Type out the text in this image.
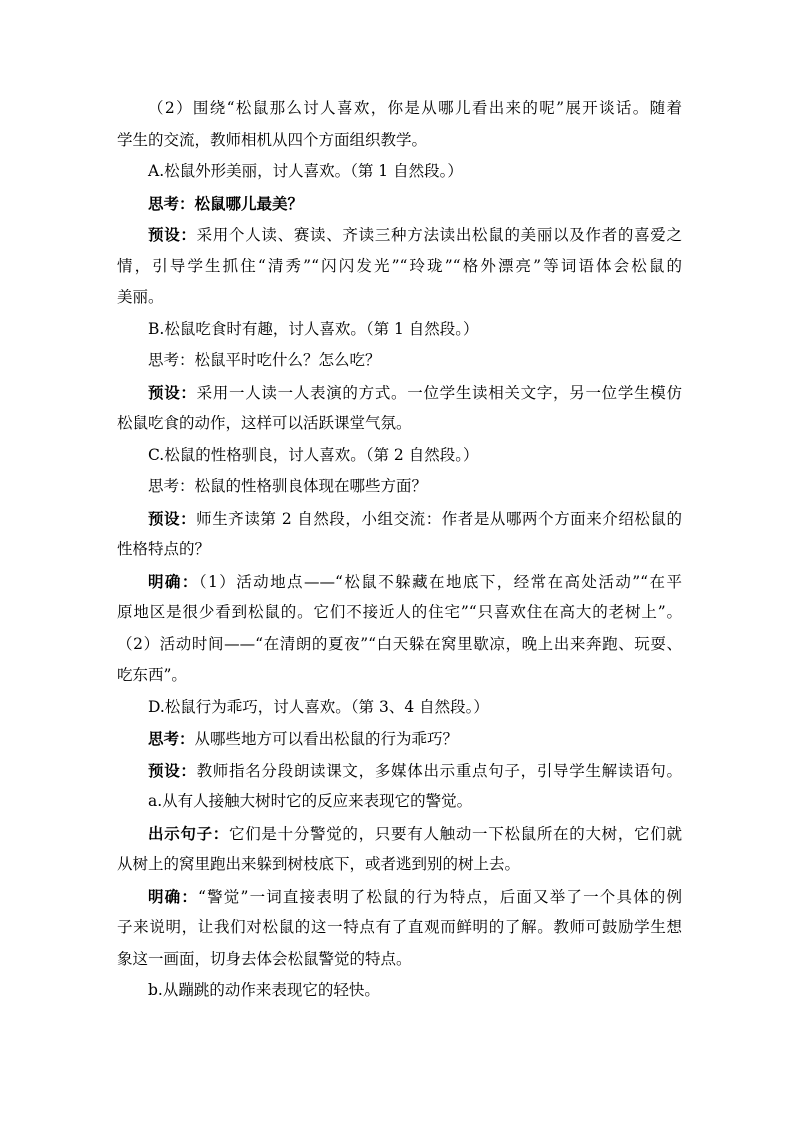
（2）围绕“松鼠那么讨人喜欢，你是从哪儿看出来的呢”展开谈话。随着
学生的交流，教师相机从四个方面组织教学。
A.松鼠外形美丽，讨人喜欢。（第 1 自然段。）
思考：松鼠哪儿最美？
预设：采用个人读、赛读、齐读三种方法读出松鼠的美丽以及作者的喜爱之
情，引导学生抓住“清秀”“闪闪发光”“玲珑”“格外漂亮”等词语体会松鼠的
美丽。
B.松鼠吃食时有趣，讨人喜欢。（第 1 自然段。）
思考：松鼠平时吃什么？怎么吃？
预设：采用一人读一人表演的方式。一位学生读相关文字，另一位学生模仿
松鼠吃食的动作，这样可以活跃课堂气氛。
C.松鼠的性格驯良，讨人喜欢。（第 2 自然段。）
思考：松鼠的性格驯良体现在哪些方面？
预设：师生齐读第 2 自然段，小组交流：作者是从哪两个方面来介绍松鼠的
性格特点的？
明确：（1）活动地点——“松鼠不躲藏在地底下，经常在高处活动”“在平
原地区是很少看到松鼠的。它们不接近人的住宅”“只喜欢住在高大的老树上”。
（2）活动时间——“在清朗的夏夜”“白天躲在窝里歇凉，晚上出来奔跑、玩耍、
吃东西”。
D.松鼠行为乖巧，讨人喜欢。（第 3、4 自然段。）
思考：从哪些地方可以看出松鼠的行为乖巧？
预设：教师指名分段朗读课文，多媒体出示重点句子，引导学生解读语句。
a.从有人接触大树时它的反应来表现它的警觉。
出示句子：它们是十分警觉的，只要有人触动一下松鼠所在的大树，它们就
从树上的窝里跑出来躲到树枝底下，或者逃到别的树上去。
明确：“警觉”一词直接表明了松鼠的行为特点，后面又举了一个具体的例
子来说明，让我们对松鼠的这一特点有了直观而鲜明的了解。教师可鼓励学生想
象这一画面，切身去体会松鼠警觉的特点。
b.从蹦跳的动作来表现它的轻快。
